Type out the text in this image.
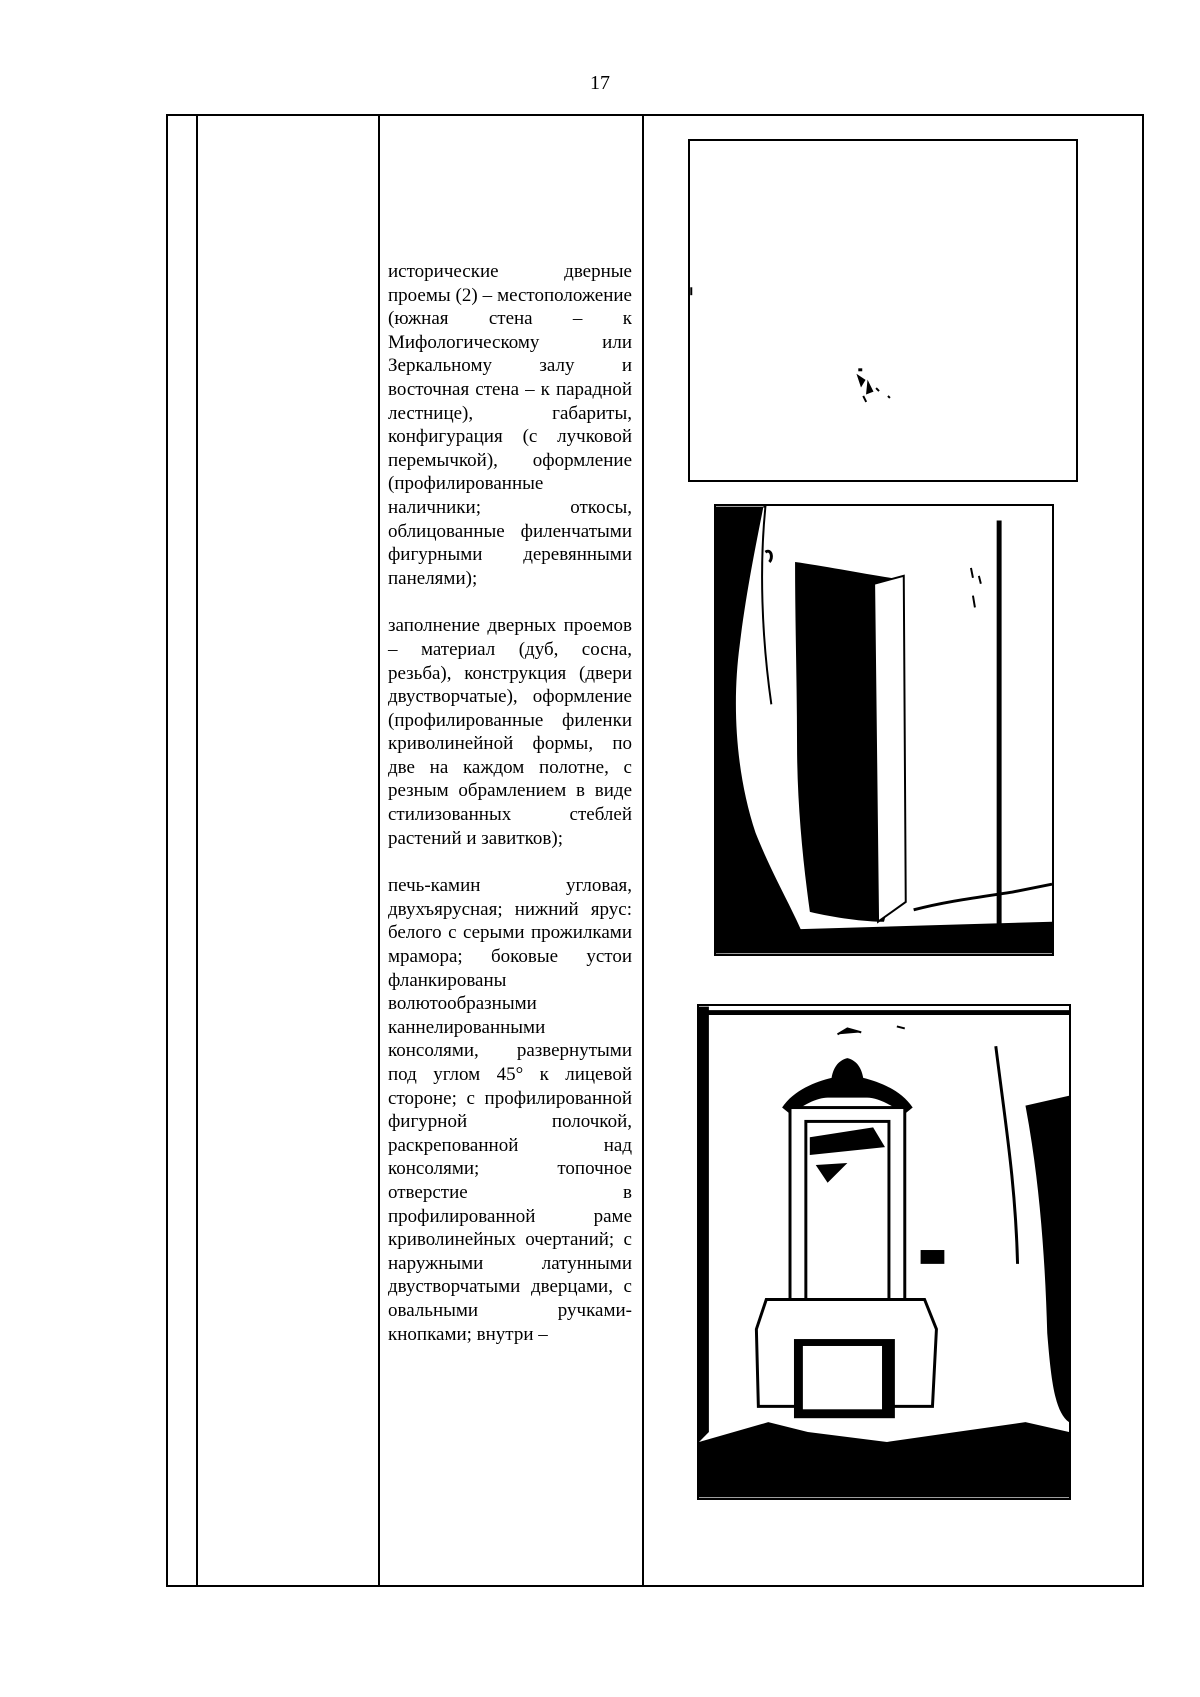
17

исторические дверные проемы (2) – местоположение (южная стена – к Мифологическому или Зеркальному залу и восточная стена – к парадной лестнице), габариты, конфигурация (с лучковой перемычкой), оформление (профилированные наличники; откосы, облицованные филенчатыми фигурными деревянными панелями);

заполнение дверных проемов – материал (дуб, сосна, резьба), конструкция (двери двустворчатые), оформление (профилированные филенки криволинейной формы, по две на каждом полотне, с резным обрамлением в виде стилизованных стеблей растений и завитков);

печь-камин угловая, двухъярусная; нижний ярус: белого с серыми прожилками мрамора; боковые устои фланкированы волютообразными каннелированными консолями, развернутыми под углом 45° к лицевой стороне; с профилированной фигурной полочкой, раскрепованной над консолями; топочное отверстие в профилированной раме криволинейных очертаний; с наружными латунными двустворчатыми дверцами, с овальными ручками-кнопками; внутри –
